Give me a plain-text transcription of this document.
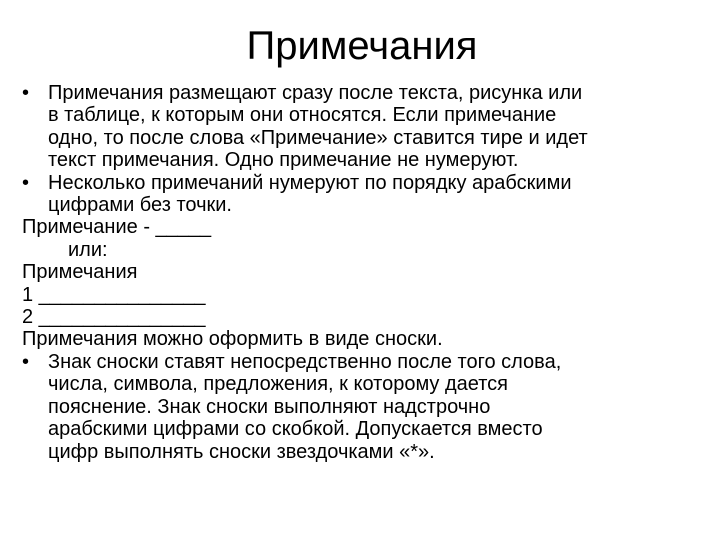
Примечания
• Примечания размещают сразу после текста, рисунка или
в таблице, к которым они относятся. Если примечание
одно, то после слова «Примечание» ставится тире и идет
текст примечания. Одно примечание не нумеруют.
• Несколько примечаний нумеруют по порядку арабскими
цифрами без точки.
Примечание - _____
или:
Примечания
1 _______________
2 _______________
Примечания можно оформить в виде сноски.
• Знак сноски ставят непосредственно после того слова,
числа, символа, предложения, к которому дается
пояснение. Знак сноски выполняют надстрочно
арабскими цифрами со скобкой. Допускается вместо
цифр выполнять сноски звездочками «*».
